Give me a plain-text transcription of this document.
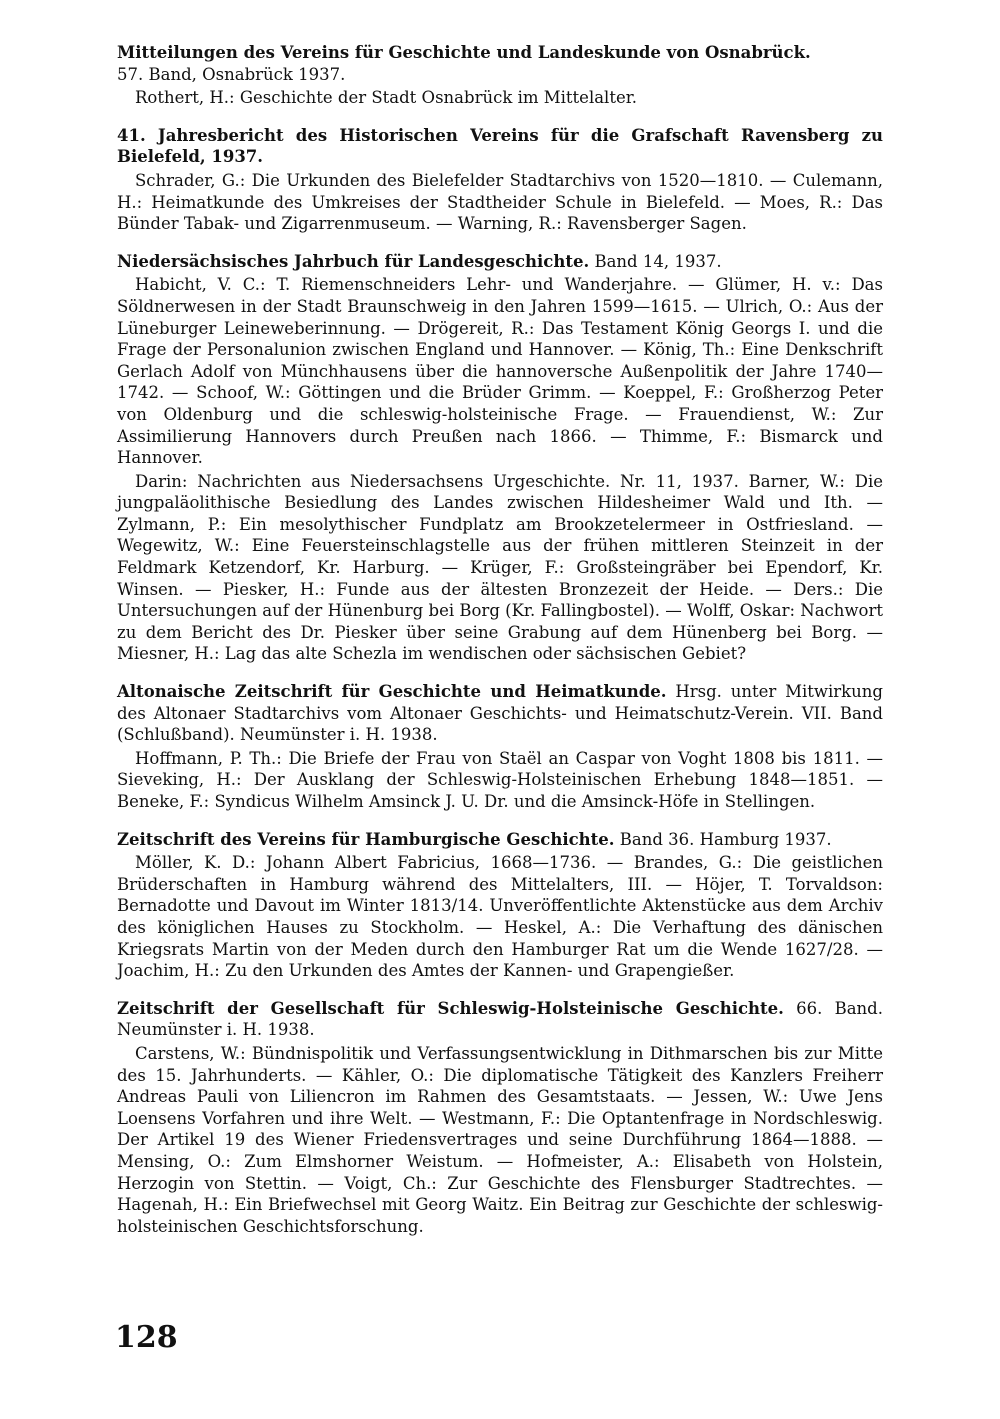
Mitteilungen des Vereins für Geschichte und Landeskunde von Osnabrück.
57. Band, Osnabrück 1937.

Rothert, H.: Geschichte der Stadt Osnabrück im Mittelalter.

41. Jahresbericht des Historischen Vereins für die Grafschaft Ravensberg zu Bielefeld, 1937.

Schrader, G.: Die Urkunden des Bielefelder Stadtarchivs von 1520—1810. — Culemann, H.: Heimatkunde des Umkreises der Stadtheider Schule in Bielefeld. — Moes, R.: Das Bünder Tabak- und Zigarrenmuseum. — Warning, R.: Ravensberger Sagen.

Niedersächsisches Jahrbuch für Landesgeschichte. Band 14, 1937.

Habicht, V. C.: T. Riemenschneiders Lehr- und Wanderjahre. — Glümer, H. v.: Das Söldnerwesen in der Stadt Braunschweig in den Jahren 1599—1615. — Ulrich, O.: Aus der Lüneburger Leineweberinnung. — Drögereit, R.: Das Testament König Georgs I. und die Frage der Personalunion zwischen England und Hannover. — König, Th.: Eine Denkschrift Gerlach Adolf von Münchhausens über die hannoversche Außenpolitik der Jahre 1740—1742. — Schoof, W.: Göttingen und die Brüder Grimm. — Koeppel, F.: Großherzog Peter von Oldenburg und die schleswig-holsteinische Frage. — Frauendienst, W.: Zur Assimilierung Hannovers durch Preußen nach 1866. — Thimme, F.: Bismarck und Hannover.

Darin: Nachrichten aus Niedersachsens Urgeschichte. Nr. 11, 1937. Barner, W.: Die jungpaläolithische Besiedlung des Landes zwischen Hildesheimer Wald und Ith. — Zylmann, P.: Ein mesolythischer Fundplatz am Brookzetelermeer in Ostfriesland. — Wegewitz, W.: Eine Feuersteinschlagstelle aus der frühen mittleren Steinzeit in der Feldmark Ketzendorf, Kr. Harburg. — Krüger, F.: Großsteingräber bei Ependorf, Kr. Winsen. — Piesker, H.: Funde aus der ältesten Bronzezeit der Heide. — Ders.: Die Untersuchungen auf der Hünenburg bei Borg (Kr. Fallingbostel). — Wolff, Oskar: Nachwort zu dem Bericht des Dr. Piesker über seine Grabung auf dem Hünenberg bei Borg. — Miesner, H.: Lag das alte Schezla im wendischen oder sächsischen Gebiet?

Altonaische Zeitschrift für Geschichte und Heimatkunde. Hrsg. unter Mitwirkung des Altonaer Stadtarchivs vom Altonaer Geschichts- und Heimatschutz-Verein. VII. Band (Schlußband). Neumünster i. H. 1938.

Hoffmann, P. Th.: Die Briefe der Frau von Staël an Caspar von Voght 1808 bis 1811. — Sieveking, H.: Der Ausklang der Schleswig-Holsteinischen Erhebung 1848—1851. — Beneke, F.: Syndicus Wilhelm Amsinck J. U. Dr. und die Amsinck-Höfe in Stellingen.

Zeitschrift des Vereins für Hamburgische Geschichte. Band 36. Hamburg 1937.

Möller, K. D.: Johann Albert Fabricius, 1668—1736. — Brandes, G.: Die geistlichen Brüderschaften in Hamburg während des Mittelalters, III. — Höjer, T. Torvaldson: Bernadotte und Davout im Winter 1813/14. Unveröffentlichte Aktenstücke aus dem Archiv des königlichen Hauses zu Stockholm. — Heskel, A.: Die Verhaftung des dänischen Kriegsrats Martin von der Meden durch den Hamburger Rat um die Wende 1627/28. — Joachim, H.: Zu den Urkunden des Amtes der Kannen- und Grapengießer.

Zeitschrift der Gesellschaft für Schleswig-Holsteinische Geschichte. 66. Band. Neumünster i. H. 1938.

Carstens, W.: Bündnispolitik und Verfassungsentwicklung in Dithmarschen bis zur Mitte des 15. Jahrhunderts. — Kähler, O.: Die diplomatische Tätigkeit des Kanzlers Freiherr Andreas Pauli von Liliencron im Rahmen des Gesamtstaats. — Jessen, W.: Uwe Jens Loensens Vorfahren und ihre Welt. — Westmann, F.: Die Optantenfrage in Nordschleswig. Der Artikel 19 des Wiener Friedensvertrages und seine Durchführung 1864—1888. — Mensing, O.: Zum Elmshorner Weistum. — Hofmeister, A.: Elisabeth von Holstein, Herzogin von Stettin. — Voigt, Ch.: Zur Geschichte des Flensburger Stadtrechtes. — Hagenah, H.: Ein Briefwechsel mit Georg Waitz. Ein Beitrag zur Geschichte der schleswig-holsteinischen Geschichtsforschung.

128
